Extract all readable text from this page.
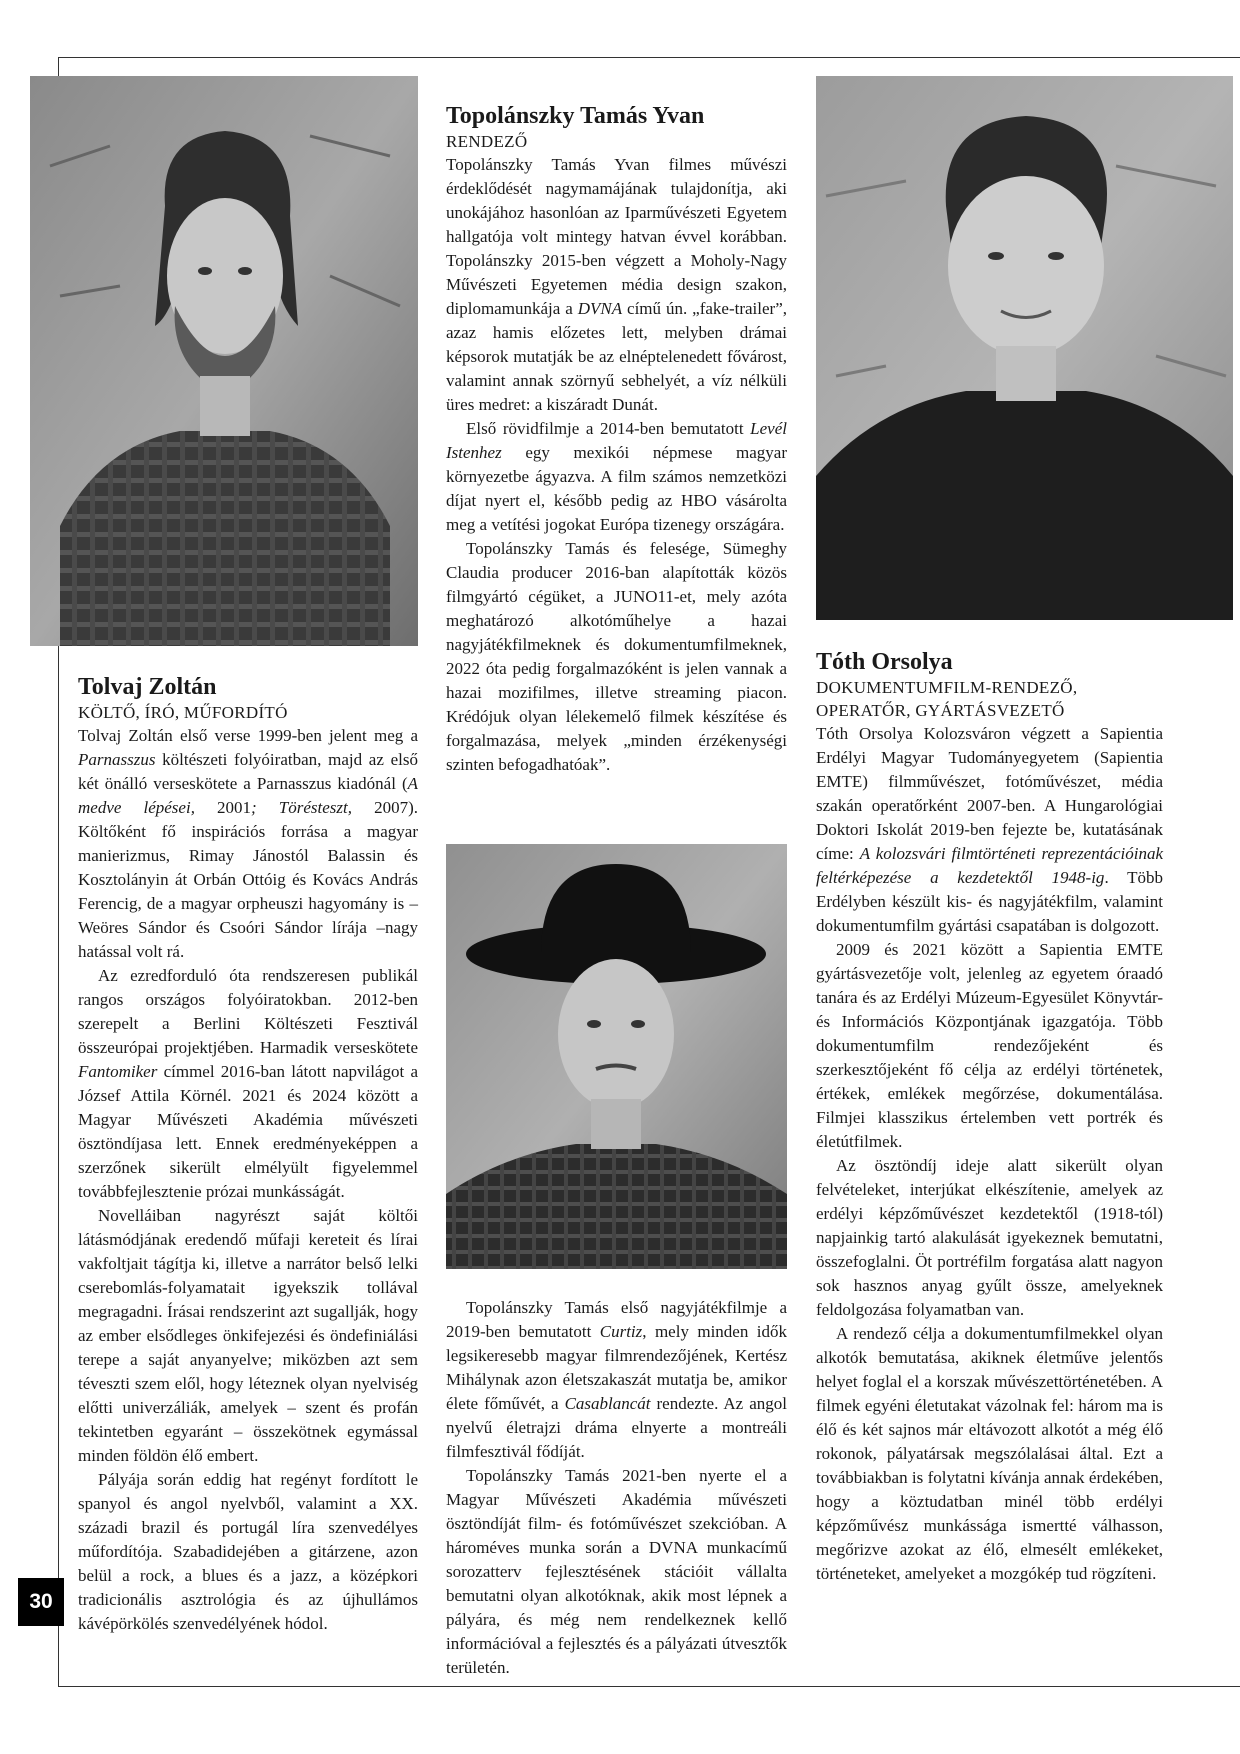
30
Tolvaj Zoltán
KÖLTŐ, ÍRÓ, MŰFORDÍTÓ

Tolvaj Zoltán első verse 1999-ben jelent meg a Parnasszus költészeti folyóiratban, majd az első két önálló verseskötete a Parnasszus kiadónál (A medve lépései, 2001; Törésteszt, 2007). Költőként fő inspirációs forrása a magyar manierizmus, Rimay Jánostól Balassin és Kosztolányin át Orbán Ottóig és Kovács András Ferencig, de a magyar orpheuszi hagyomány is – Weöres Sándor és Csoóri Sándor lírája –nagy hatással volt rá.

Az ezredforduló óta rendszeresen publikál rangos országos folyóiratokban. 2012-ben szerepelt a Berlini Költészeti Fesztivál összeurópai projektjében. Harmadik verseskötete Fantomiker címmel 2016-ban látott napvilágot a József Attila Körnél. 2021 és 2024 között a Magyar Művészeti Akadémia művészeti ösztöndíjasa lett. Ennek eredményeképpen a szerzőnek sikerült elmélyült figyelemmel továbbfejlesztenie prózai munkásságát.

Novelláiban nagyrészt saját költői látásmódjának eredendő műfaji kereteit és lírai vakfoltjait tágítja ki, illetve a narrátor belső lelki cserebomlás-folyamatait igyekszik tollával megragadni. Írásai rendszerint azt sugallják, hogy az ember elsődleges önkifejezési és öndefiniálási terepe a saját anyanyelve; miközben azt sem téveszti szem elől, hogy léteznek olyan nyelviség előtti univerzáliák, amelyek – szent és profán tekintetben egyaránt – összekötnek egymással minden földön élő embert.

Pályája során eddig hat regényt fordított le spanyol és angol nyelvből, valamint a XX. századi brazil és portugál líra szenvedélyes műfordítója. Szabadidejében a gitárzene, azon belül a rock, a blues és a jazz, a középkori tradicionális asztrológia és az újhullámos kávépörkölés szenvedélyének hódol.

Topolánszky Tamás Yvan
RENDEZŐ

Topolánszky Tamás Yvan filmes művészi érdeklődését nagymamájának tulajdonítja, aki unokájához hasonlóan az Iparművészeti Egyetem hallgatója volt mintegy hatvan évvel korábban. Topolánszky 2015-ben végzett a Moholy-Nagy Művészeti Egyetemen média design szakon, diplomamunkája a DVNA című ún. „fake-trailer”, azaz hamis előzetes lett, melyben drámai képsorok mutatják be az elnéptelenedett fővárost, valamint annak szörnyű sebhelyét, a víz nélküli üres medret: a kiszáradt Dunát.

Első rövidfilmje a 2014-ben bemutatott Levél Istenhez egy mexikói népmese magyar környezetbe ágyazva. A film számos nemzetközi díjat nyert el, később pedig az HBO vásárolta meg a vetítési jogokat Európa tizenegy országára.

Topolánszky Tamás és felesége, Sümeghy Claudia producer 2016-ban alapították közös filmgyártó cégüket, a JUNO11-et, mely azóta meghatározó alkotóműhelye a hazai nagyjátékfilmeknek és dokumentumfilmeknek, 2022 óta pedig forgalmazóként is jelen vannak a hazai mozifilmes, illetve streaming piacon. Krédójuk olyan lélekemelő filmek készítése és forgalmazása, melyek „minden érzékenységi szinten befogadhatóak”.

Topolánszky Tamás első nagyjátékfilmje a 2019-ben bemutatott Curtiz, mely minden idők legsikeresebb magyar filmrendezőjének, Kertész Mihálynak azon életszakaszát mutatja be, amikor élete főművét, a Casablancát rendezte. Az angol nyelvű életrajzi dráma elnyerte a montreáli filmfesztivál fődíját.

Topolánszky Tamás 2021-ben nyerte el a Magyar Művészeti Akadémia művészeti ösztöndíját film- és fotóművészet szekcióban. A hároméves munka során a DVNA munkacímű sorozatterv fejlesztésének stációit vállalta bemutatni olyan alkotóknak, akik most lépnek a pályára, és még nem rendelkeznek kellő információval a fejlesztés és a pályázati útvesztők területén.

Tóth Orsolya
DOKUMENTUMFILM-RENDEZŐ,
OPERATŐR, GYÁRTÁSVEZETŐ

Tóth Orsolya Kolozsváron végzett a Sapientia Erdélyi Magyar Tudományegyetem (Sapientia EMTE) filmművészet, fotóművészet, média szakán operatőrként 2007-ben. A Hungarológiai Doktori Iskolát 2019-ben fejezte be, kutatásának címe: A kolozsvári filmtörténeti reprezentációinak feltérképezése a kezdetektől 1948-ig. Több Erdélyben készült kis- és nagyjátékfilm, valamint dokumentumfilm gyártási csapatában is dolgozott.

2009 és 2021 között a Sapientia EMTE gyártásvezetője volt, jelenleg az egyetem óraadó tanára és az Erdélyi Múzeum-Egyesület Könyvtár- és Információs Központjának igazgatója. Több dokumentumfilm rendezőjeként és szerkesztőjeként fő célja az erdélyi történetek, értékek, emlékek megőrzése, dokumentálása. Filmjei klasszikus értelemben vett portrék és életútfilmek.

Az ösztöndíj ideje alatt sikerült olyan felvételeket, interjúkat elkészítenie, amelyek az erdélyi képzőművészet kezdetektől (1918-tól) napjainkig tartó alakulását igyekeznek bemutatni, összefoglalni. Öt portréfilm forgatása alatt nagyon sok hasznos anyag gyűlt össze, amelyeknek feldolgozása folyamatban van.

A rendező célja a dokumentumfilmekkel olyan alkotók bemutatása, akiknek életműve jelentős helyet foglal el a korszak művészettörténetében. A filmek egyéni életutakat vázolnak fel: három ma is élő és két sajnos már eltávozott alkotót a még élő rokonok, pályatársak megszólalásai által. Ezt a továbbiakban is folytatni kívánja annak érdekében, hogy a köztudatban minél több erdélyi képzőművész munkássága ismertté válhasson, megőrizve azokat az élő, elmesélt emlékeket, történeteket, amelyeket a mozgókép tud rögzíteni.
